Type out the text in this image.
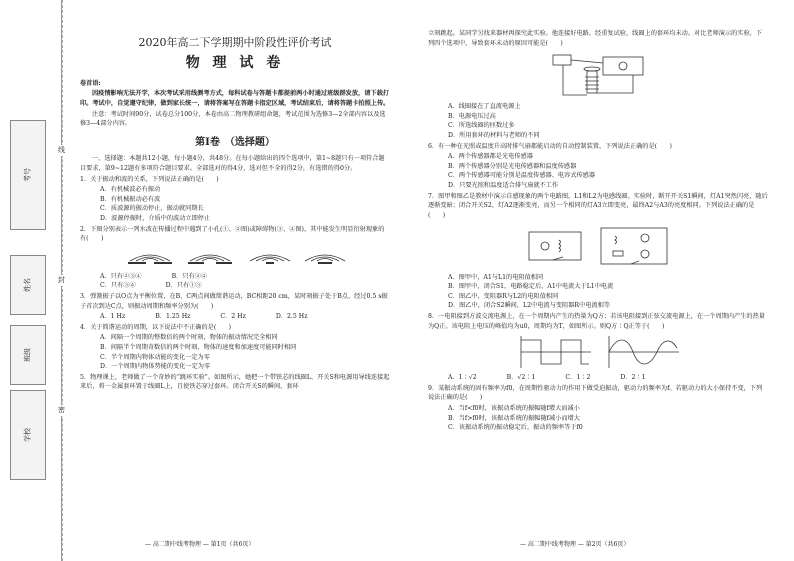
考号
姓名
班级
学校
线
封
密
2020年高二下学期期中阶段性评价考试
物 理 试 卷
卷首语:
因疫情影响无法开学，本次考试采用线测考方式，每科试卷与答题卡都提前两小时通过班级群发放，请下载打印。考试中，自觉遵守纪律，做到家长统一，请将答案写在答题卡指定区域，考试结束后，请将答题卡拍照上传。
注意：考试时间90分，试卷总分100分，本卷由高二物理教研组命题，考试范围为选修3—2全部内容以及选修3—4部分内容。
第Ⅰ卷　（选择题）
一、选择题：本题共12小题，每小题4分，共48分。在每小题给出的四个选项中，第1~8题只有一项符合题目要求，第9~12题有多项符合题目要求。全部选对的得4分，选对但不全的得2分，有选错的得0分。
1．关于振动和波的关系，下列说法正确的是(　　)
A．有机械波必有振动
B．有机械振动必有波
C．质波源的振动停止，振动就同期长
D．波源停振时，介质中的波动立即停止
2．下图分别表示一列水波在传播过程中遇到了小孔(①、②图)或障碍物(③、④图)，其中能发生明显衍射现象的有(　　)
A．只有②③④	B．只有②④
C．只有③④	D．只有①③
3．弹簧振子以O点为平衡位置，在B、C两点间做简谐运动，BC相距20 cm，某时刻振子处于B点，经过0.5 s振子首次到达C点，则振动周期和频率分别为(　　)
A．1 Hz	B．1.25 Hz	C．2 Hz	D．2.5 Hz
4．关于简谐运动的周期，以下说法中不正确的是(　　)
A．间隔一个周期的整数倍的两个时刻，物体的振动情况完全相同
B．间隔半个周期奇数倍的两个时刻，物体的速度和加速度可能同时相同
C．半个周期内物体动能的变化一定为零
D．一个周期内物体势能的变化一定为零
5．物理课上，老师做了一个奇妙的“跳环实验”。如图所示，她把一个带铁芯的线圈L、开关S和电源用导线连接起来后，将一金属套环置于线圈L上，且使铁芯穿过套环。闭合开关S的瞬间，套环
— 高二期中线考物理 — 第1页（共6页）
立刻跳起。某同学另找来器材再探究此实验。他连接好电路，经重复试验，线圈上的套环均未动。对比老师演示的实验，下列四个选项中，导致套环未动的原因可能是(　　)
A．线圈接在了直流电源上
B．电源电压过高
C．所选线圈的匝数过多
D．所用套环的材料与老师的不同
6．有一种在光照或温度升高时排气扇都能启动的自动控制装置，下列说法正确的是(　　)
A．两个传感器都是光电传感器
B．两个传感器分别是光电传感器和温度传感器
C．两个传感器可能分别是温度传感器、电容式传感器
D．只要光照和温度适合排气扇就不工作
7．图甲和图乙是教材中演示自感现象的两个电路图，L1和L2为电感线圈。实验时，断开开关S1瞬间，灯A1突然闪亮，随后逐渐变暗；闭合开关S2，灯A2逐渐变亮，而另一个相同的灯A3立即变亮，最终A2与A3的亮度相同。下列说法正确的是(　　)
A．图甲中，A1与L1的电阻值相同
B．图甲中，闭合S1，电路稳定后，A1中电流大于L1中电流
C．图乙中，变阻器R与L2的电阻值相同
D．图乙中，闭合S2瞬间，L2中电流与变阻器R中电流相等
8．一电阻接到方波交流电源上，在一个周期内产生的热量为Q方；若该电阻接到正弦交流电源上，在一个周期内产生的热量为Q正。该电阻上电压的峰值均为u0，周期均为T，如图所示。则Q方∶Q正等于(　　)
A．1∶√2	B．√2∶1	C．1∶2	D．2∶1
9．某振动系统的固有频率为f0，在周期性驱动力的作用下做受迫振动，驱动力的频率为f。若驱动力的大小保持不变，下列说法正确的是(　　)
A．当f<f0时，该振动系统的振幅随f增大而减小
B．当f>f0时，该振动系统的振幅随f减小而增大
C．该振动系统的振动稳定后，振动的频率等于f0
— 高二期中线考物理 — 第2页（共6页）
